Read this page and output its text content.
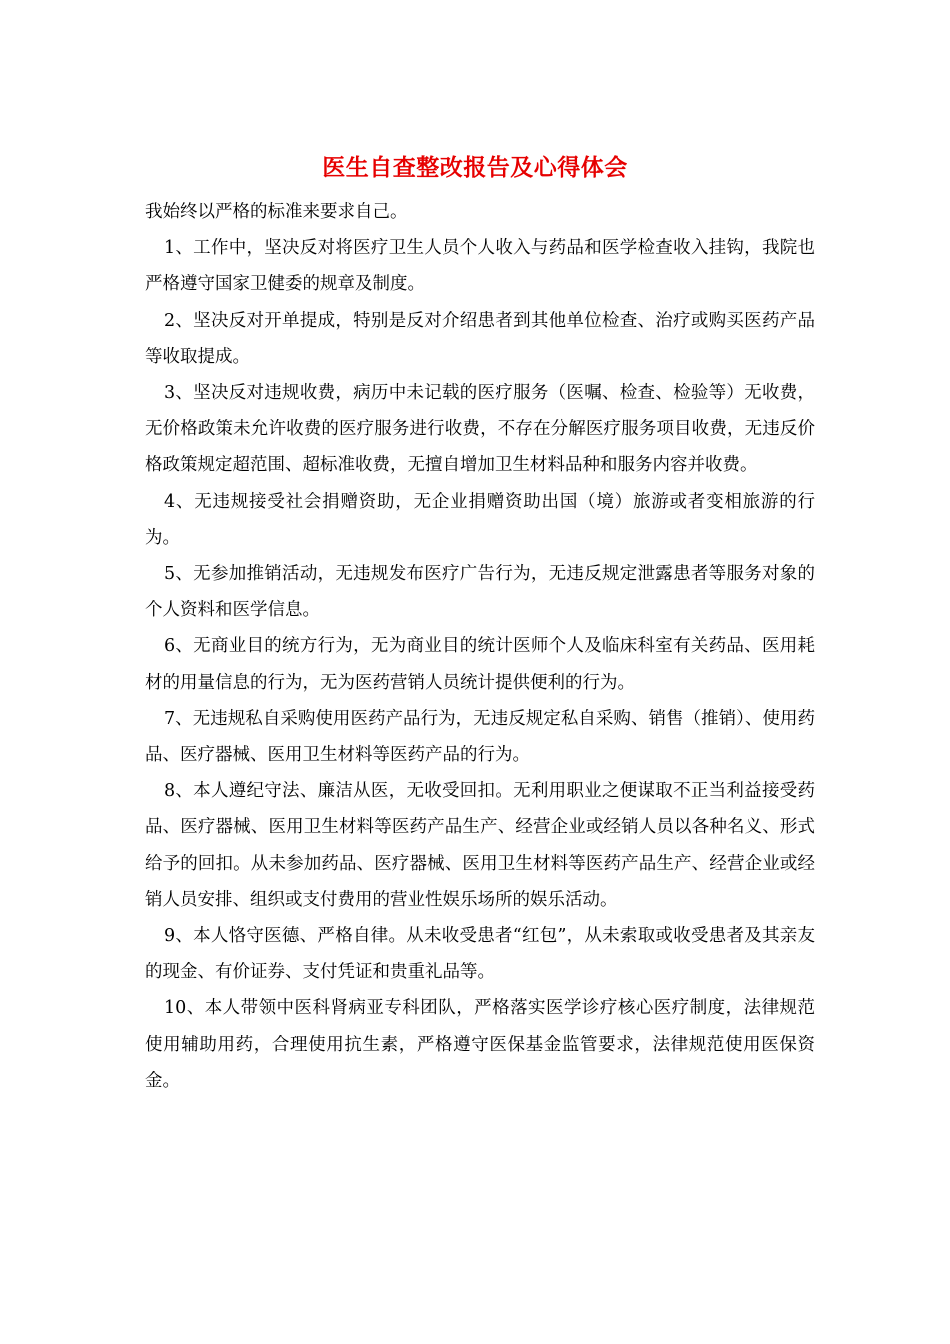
医生自查整改报告及心得体会

我始终以严格的标准来要求自己。

1、工作中，坚决反对将医疗卫生人员个人收入与药品和医学检查收入挂钩，我院也严格遵守国家卫健委的规章及制度。

2、坚决反对开单提成，特别是反对介绍患者到其他单位检查、治疗或购买医药产品等收取提成。

3、坚决反对违规收费，病历中未记载的医疗服务（医嘱、检查、检验等）无收费，无价格政策未允许收费的医疗服务进行收费，不存在分解医疗服务项目收费，无违反价格政策规定超范围、超标准收费，无擅自增加卫生材料品种和服务内容并收费。

4、无违规接受社会捐赠资助，无企业捐赠资助出国（境）旅游或者变相旅游的行为。

5、无参加推销活动，无违规发布医疗广告行为，无违反规定泄露患者等服务对象的个人资料和医学信息。

6、无商业目的统方行为，无为商业目的统计医师个人及临床科室有关药品、医用耗材的用量信息的行为，无为医药营销人员统计提供便利的行为。

7、无违规私自采购使用医药产品行为，无违反规定私自采购、销售（推销）、使用药品、医疗器械、医用卫生材料等医药产品的行为。

8、本人遵纪守法、廉洁从医，无收受回扣。无利用职业之便谋取不正当利益接受药品、医疗器械、医用卫生材料等医药产品生产、经营企业或经销人员以各种名义、形式给予的回扣。从未参加药品、医疗器械、医用卫生材料等医药产品生产、经营企业或经销人员安排、组织或支付费用的营业性娱乐场所的娱乐活动。

9、本人恪守医德、严格自律。从未收受患者“红包”，从未索取或收受患者及其亲友的现金、有价证券、支付凭证和贵重礼品等。

10、本人带领中医科肾病亚专科团队，严格落实医学诊疗核心医疗制度，法律规范使用辅助用药，合理使用抗生素，严格遵守医保基金监管要求，法律规范使用医保资金。
